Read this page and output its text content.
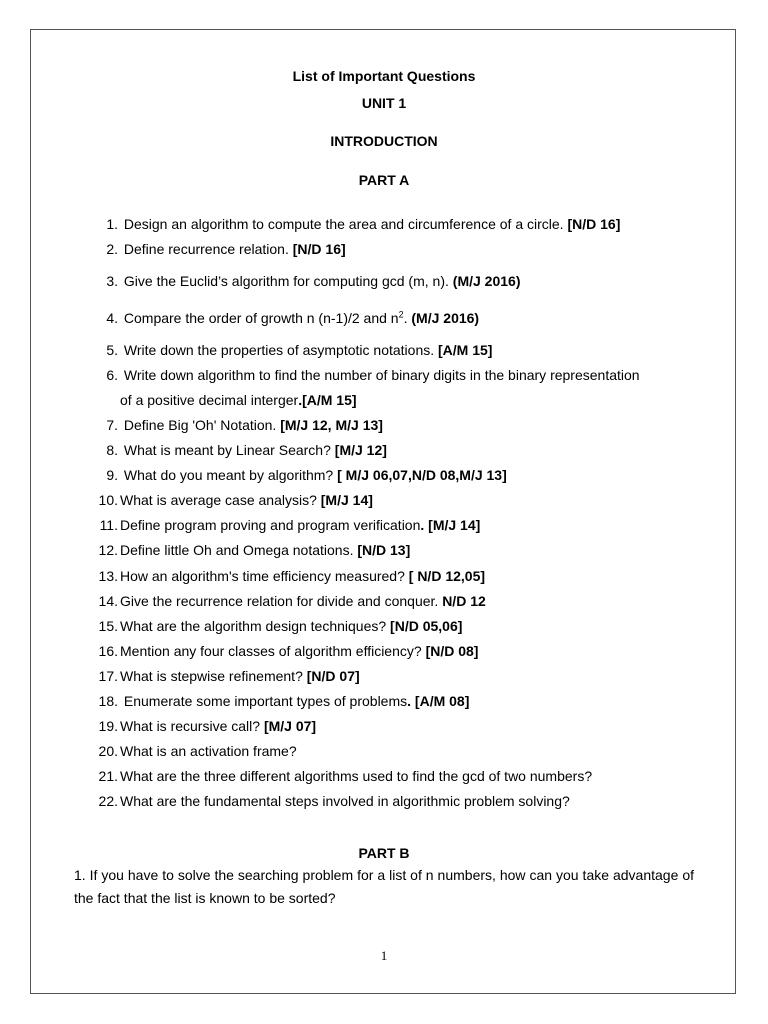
List of Important Questions
UNIT 1
INTRODUCTION
PART A
1. Design an algorithm to compute the area and circumference of a circle. [N/D 16]
2. Define recurrence relation. [N/D 16]
3. Give the Euclid’s algorithm for computing gcd (m, n). (M/J 2016)
4. Compare the order of growth n (n-1)/2 and $n^2$. (M/J 2016)
5. Write down the properties of asymptotic notations. [A/M 15]
6. Write down algorithm to find the number of binary digits in the binary representation
of a positive decimal interger.[A/M 15]
7. Define Big 'Oh' Notation. [M/J 12, M/J 13]
8. What is meant by Linear Search? [M/J 12]
9. What do you meant by algorithm? [ M/J 06,07,N/D 08,M/J 13]
10. What is average case analysis? [M/J 14]
11. Define program proving and program verification. [M/J 14]
12. Define little Oh and Omega notations. [N/D 13]
13. How an algorithm's time efficiency measured? [ N/D 12,05]
14. Give the recurrence relation for divide and conquer. N/D 12
15. What are the algorithm design techniques? [N/D 05,06]
16. Mention any four classes of algorithm efficiency? [N/D 08]
17. What is stepwise refinement? [N/D 07]
18. Enumerate some important types of problems. [A/M 08]
19. What is recursive call? [M/J 07]
20. What is an activation frame?
21. What are the three different algorithms used to find the gcd of two numbers?
22. What are the fundamental steps involved in algorithmic problem solving?
PART B
1. If you have to solve the searching problem for a list of n numbers, how can you take advantage of the fact that the list is known to be sorted?
1
